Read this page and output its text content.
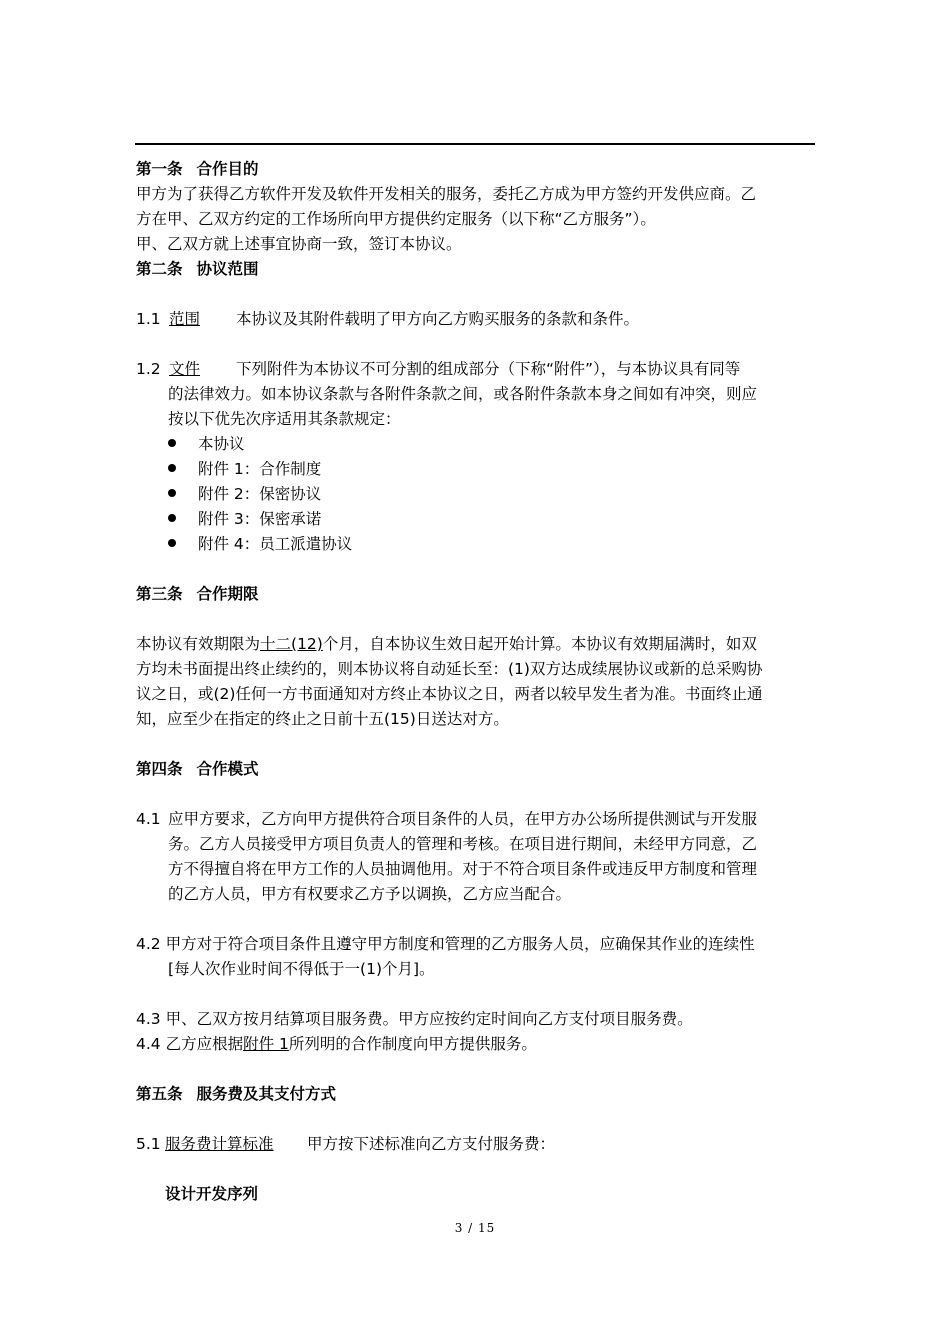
第一条 合作目的
甲方为了获得乙方软件开发及软件开发相关的服务，委托乙方成为甲方签约开发供应商。乙
方在甲、乙双方约定的工作场所向甲方提供约定服务（以下称“乙方服务”）。
甲、乙双方就上述事宜协商一致，签订本协议。
第二条 协议范围
1.1 范围 本协议及其附件载明了甲方向乙方购买服务的条款和条件。
1.2 文件 下列附件为本协议不可分割的组成部分（下称“附件”），与本协议具有同等
的法律效力。如本协议条款与各附件条款之间，或各附件条款本身之间如有冲突，则应
按以下优先次序适用其条款规定：
本协议
附件 1：合作制度
附件 2：保密协议
附件 3：保密承诺
附件 4：员工派遣协议
第三条 合作期限
本协议有效期限为十二(12)个月，自本协议生效日起开始计算。本协议有效期届满时，如双
方均未书面提出终止续约的，则本协议将自动延长至：(1)双方达成续展协议或新的总采购协
议之日，或(2)任何一方书面通知对方终止本协议之日，两者以较早发生者为准。书面终止通
知，应至少在指定的终止之日前十五(15)日送达对方。
第四条 合作模式
4.1 应甲方要求，乙方向甲方提供符合项目条件的人员，在甲方办公场所提供测试与开发服
务。乙方人员接受甲方项目负责人的管理和考核。在项目进行期间，未经甲方同意，乙
方不得擅自将在甲方工作的人员抽调他用。对于不符合项目条件或违反甲方制度和管理
的乙方人员，甲方有权要求乙方予以调换，乙方应当配合。
4.2 甲方对于符合项目条件且遵守甲方制度和管理的乙方服务人员，应确保其作业的连续性
[每人次作业时间不得低于一(1)个月]。
4.3 甲、乙双方按月结算项目服务费。甲方应按约定时间向乙方支付项目服务费。
4.4 乙方应根据附件 1所列明的合作制度向甲方提供服务。
第五条 服务费及其支付方式
5.1 服务费计算标准 甲方按下述标准向乙方支付服务费：
设计开发序列
3 / 15
